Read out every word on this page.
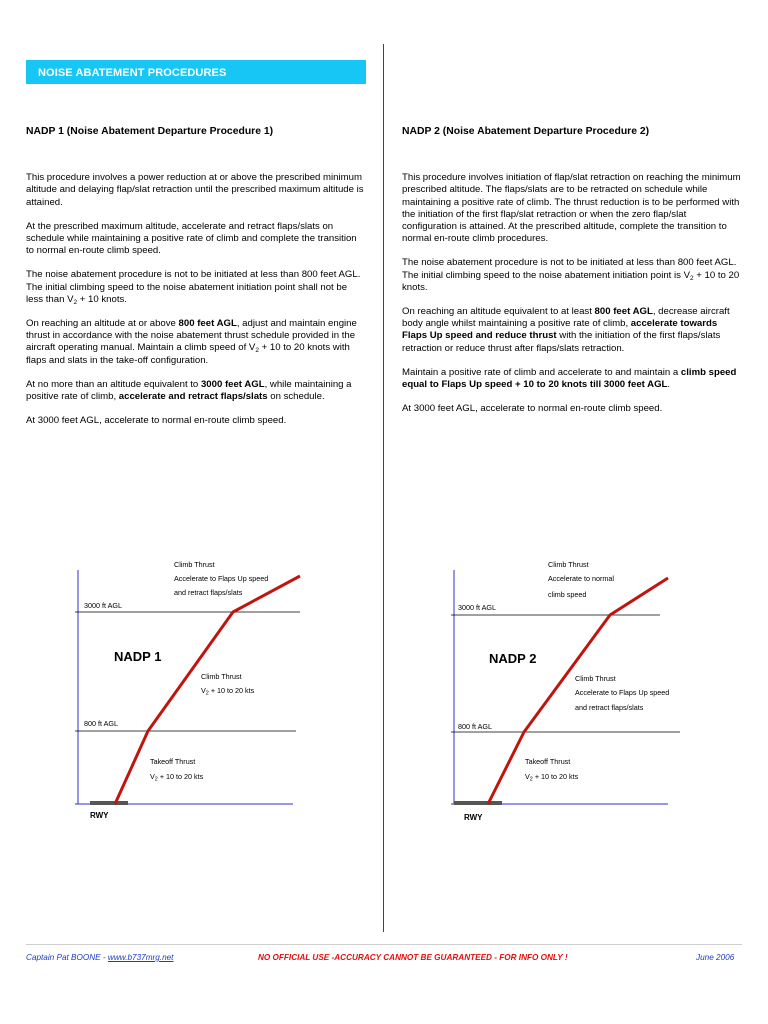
NOISE ABATEMENT PROCEDURES
NADP 1 (Noise Abatement Departure Procedure 1)

This procedure involves a power reduction at or above the prescribed minimum altitude and delaying flap/slat retraction until the prescribed maximum altitude is attained.

At the prescribed maximum altitude, accelerate and retract flaps/slats on schedule while maintaining a positive rate of climb and complete the transition to normal en-route climb speed.

The noise abatement procedure is not to be initiated at less than 800 feet AGL. The initial climbing speed to the noise abatement initiation point shall not be less than $V_2 + 10$ knots.

On reaching an altitude at or above 800 feet AGL, adjust and maintain engine thrust in accordance with the noise abatement thrust schedule provided in the aircraft operating manual. Maintain a climb speed of $V_2 + 10$ to 20 knots with flaps and slats in the take-off configuration.

At no more than an altitude equivalent to 3000 feet AGL, while maintaining a positive rate of climb, accelerate and retract flaps/slats on schedule.

At 3000 feet AGL, accelerate to normal en-route climb speed.

NADP 2 (Noise Abatement Departure Procedure 2)

This procedure involves initiation of flap/slat retraction on reaching the minimum prescribed altitude. The flaps/slats are to be retracted on schedule while maintaining a positive rate of climb. The thrust reduction is to be performed with the initiation of the first flap/slat retraction or when the zero flap/slat configuration is attained. At the prescribed altitude, complete the transition to normal en-route climb procedures.

The noise abatement procedure is not to be initiated at less than 800 feet AGL. The initial climbing speed to the noise abatement initiation point is $V_2 + 10$ to 20 knots.

On reaching an altitude equivalent to at least 800 feet AGL, decrease aircraft body angle whilst maintaining a positive rate of climb, accelerate towards Flaps Up speed and reduce thrust with the initiation of the first flaps/slats retraction or reduce thrust after flaps/slats retraction.

Maintain a positive rate of climb and accelerate to and maintain a climb speed equal to Flaps Up speed + 10 to 20 knots till 3000 feet AGL.

At 3000 feet AGL, accelerate to normal en-route climb speed.

Climb Thrust
Accelerate to Flaps Up speed
and retract flaps/slats
3000 ft AGL
NADP 1
Climb Thrust
$V_2 + 10$ to 20 kts
800 ft AGL
Takeoff Thrust
$V_2 + 10$ to 20 kts
RWY
Climb Thrust
Accelerate to normal
climb speed
3000 ft AGL
NADP 2
Climb Thrust
Accelerate to Flaps Up speed
and retract flaps/slats
800 ft AGL
Takeoff Thrust
$V_2 + 10$ to 20 kts
RWY
Captain Pat BOONE - www.b737mrg.net	NO OFFICIAL USE -ACCURACY CANNOT BE GUARANTEED - FOR INFO ONLY !	June 2006
